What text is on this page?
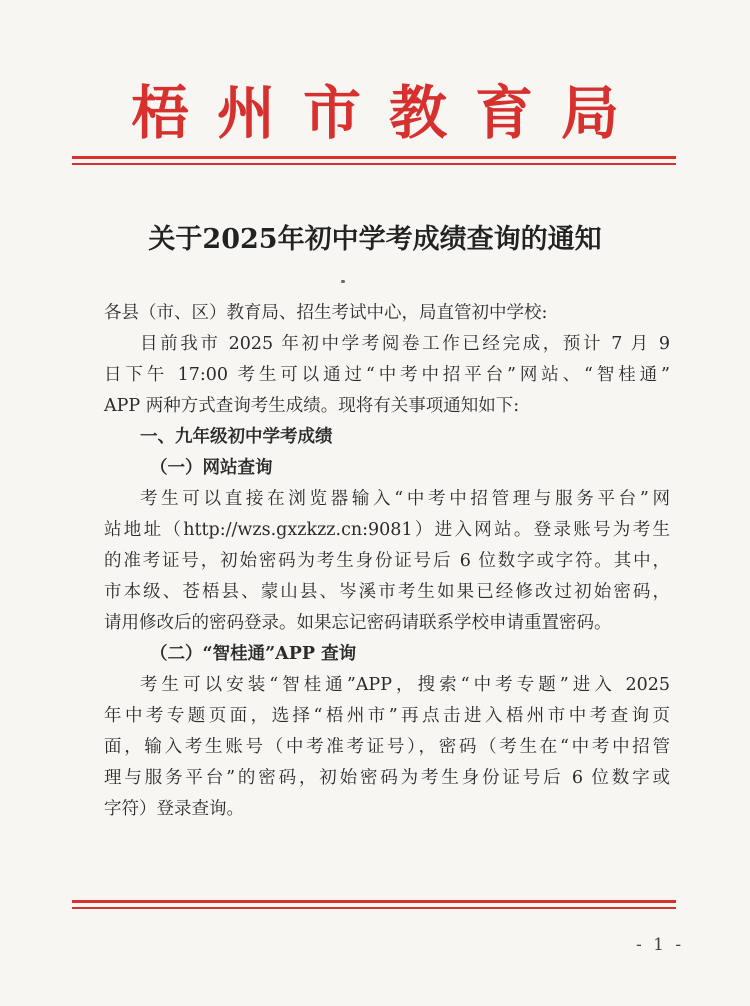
梧州市教育局
关于2025年初中学考成绩查询的通知
各县（市、区）教育局、招生考试中心，局直管初中学校:
目前我市 2025 年初中学考阅卷工作已经完成，预计 7 月 9
日下午 17:00 考生可以通过“中考中招平台”网站、“智桂通”
APP 两种方式查询考生成绩。现将有关事项通知如下:
一、九年级初中学考成绩
（一）网站查询
考生可以直接在浏览器输入“中考中招管理与服务平台”网
站地址（http://wzs.gxzkzz.cn:9081）进入网站。登录账号为考生
的准考证号，初始密码为考生身份证号后 6 位数字或字符。其中，
市本级、苍梧县、蒙山县、岑溪市考生如果已经修改过初始密码，
请用修改后的密码登录。如果忘记密码请联系学校申请重置密码。
（二）“智桂通”APP 查询
考生可以安装“智桂通”APP，搜索“中考专题”进入 2025
年中考专题页面，选择“梧州市”再点击进入梧州市中考查询页
面，输入考生账号（中考准考证号），密码（考生在“中考中招管
理与服务平台”的密码，初始密码为考生身份证号后 6 位数字或
字符）登录查询。
- 1 -
